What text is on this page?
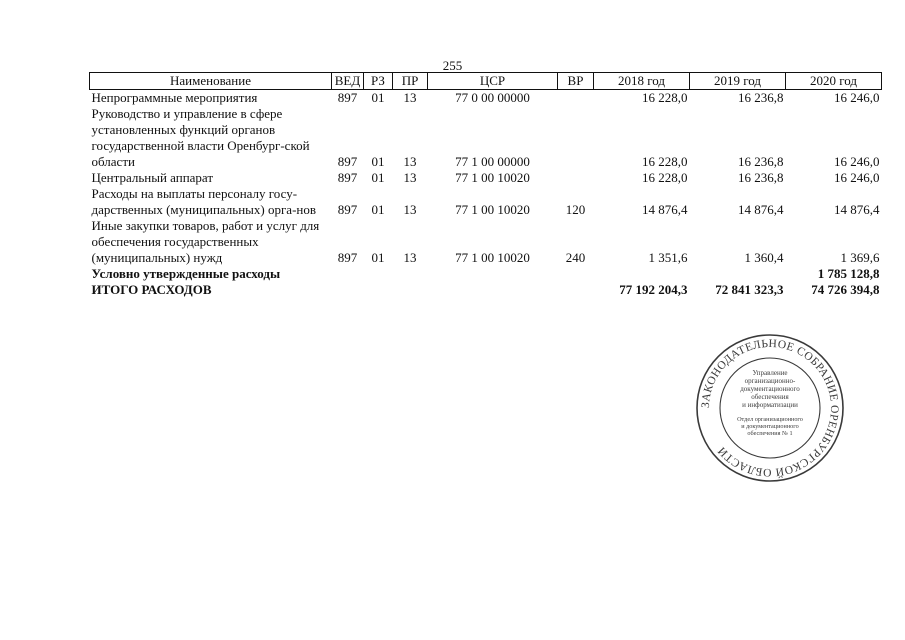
255
Наименование	ВЕД	РЗ	ПР	ЦСР	ВР	2018 год	2019 год	2020 год
Непрограммные мероприятия	897	01	13	77 0 00 00000		16 228,0	16 236,8	16 246,0
Руководство и управление в сфере установленных функций органов государственной власти Оренбург-ской области	897	01	13	77 1 00 00000		16 228,0	16 236,8	16 246,0
Центральный аппарат	897	01	13	77 1 00 10020		16 228,0	16 236,8	16 246,0
Расходы на выплаты персоналу госу-дарственных (муниципальных) орга-нов	897	01	13	77 1 00 10020	120	14 876,4	14 876,4	14 876,4
Иные закупки товаров, работ и услуг для обеспечения государственных (муниципальных) нужд	897	01	13	77 1 00 10020	240	1 351,6	1 360,4	1 369,6
Условно утвержденные расходы								1 785 128,8
ИТОГО РАСХОДОВ						77 192 204,3	72 841 323,3	74 726 394,8
ЗАКОНОДАТЕЛЬНОЕ СОБРАНИЕ ОРЕНБУРГСКОЙ ОБЛАСТИ
Управление
организационно-
документационного
обеспечения
и информатизации
Отдел организационного
и документационного
обеспечения № 1
